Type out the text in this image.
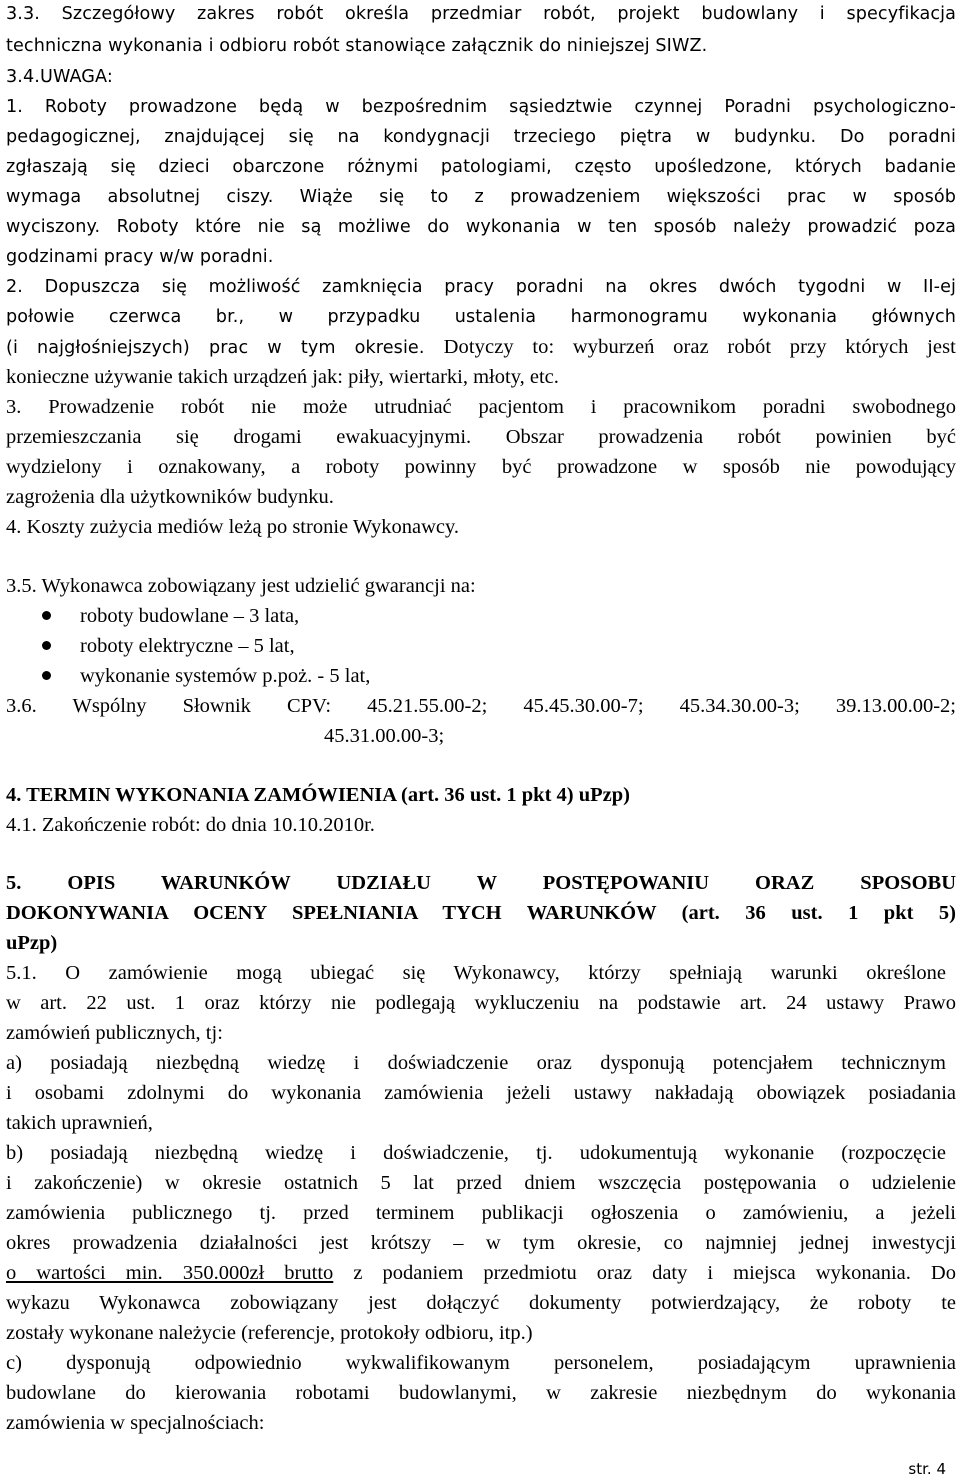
3.3. Szczegółowy zakres robót określa przedmiar robót, projekt budowlany i specyfikacja
techniczna wykonania i odbioru robót stanowiące załącznik do niniejszej SIWZ.
3.4.UWAGA:
1. Roboty prowadzone będą w bezpośrednim sąsiedztwie czynnej Poradni psychologiczno-
pedagogicznej, znajdującej się na kondygnacji trzeciego piętra w budynku. Do poradni
zgłaszają się dzieci obarczone różnymi patologiami, często upośledzone, których badanie
wymaga absolutnej ciszy. Wiąże się to z prowadzeniem większości prac w sposób
wyciszony. Roboty które nie są możliwe do wykonania w ten sposób należy prowadzić poza
godzinami pracy w/w poradni.
2. Dopuszcza się możliwość zamknięcia pracy poradni na okres dwóch tygodni w II-ej
połowie czerwca br., w przypadku ustalenia harmonogramu wykonania głównych
(i najgłośniejszych) prac w tym okresie. Dotyczy to: wyburzeń oraz robót przy których jest
konieczne używanie takich urządzeń jak: piły, wiertarki, młoty, etc.
3. Prowadzenie robót nie może utrudniać pacjentom i pracownikom poradni swobodnego
przemieszczania się drogami ewakuacyjnymi. Obszar prowadzenia robót powinien być
wydzielony i oznakowany, a roboty powinny być prowadzone w sposób nie powodujący
zagrożenia dla użytkowników budynku.
4. Koszty zużycia mediów leżą po stronie Wykonawcy.
3.5. Wykonawca zobowiązany jest udzielić gwarancji na:
roboty budowlane – 3 lata,
roboty elektryczne – 5 lat,
wykonanie systemów p.poż. - 5 lat,
3.6. Wspólny Słownik CPV: 45.21.55.00-2; 45.45.30.00-7; 45.34.30.00-3; 39.13.00.00-2;
45.31.00.00-3;
4. TERMIN WYKONANIA ZAMÓWIENIA (art. 36 ust. 1 pkt 4) uPzp)
4.1. Zakończenie robót: do dnia 10.10.2010r.
5. OPIS WARUNKÓW UDZIAŁU W POSTĘPOWANIU ORAZ SPOSOBU
DOKONYWANIA OCENY SPEŁNIANIA TYCH WARUNKÓW (art. 36 ust. 1 pkt 5)
uPzp)
5.1. O zamówienie mogą ubiegać się Wykonawcy, którzy spełniają warunki określone
w art. 22 ust. 1 oraz którzy nie podlegają wykluczeniu na podstawie art. 24 ustawy Prawo
zamówień publicznych, tj:
a) posiadają niezbędną wiedzę i doświadczenie oraz dysponują potencjałem technicznym
i osobami zdolnymi do wykonania zamówienia jeżeli ustawy nakładają obowiązek posiadania
takich uprawnień,
b) posiadają niezbędną wiedzę i doświadczenie, tj. udokumentują wykonanie (rozpoczęcie
i zakończenie) w okresie ostatnich 5 lat przed dniem wszczęcia postępowania o udzielenie
zamówienia publicznego tj. przed terminem publikacji ogłoszenia o zamówieniu, a jeżeli
okres prowadzenia działalności jest krótszy – w tym okresie, co najmniej jednej inwestycji
o wartości min. 350.000zł brutto z podaniem przedmiotu oraz daty i miejsca wykonania. Do
wykazu Wykonawca zobowiązany jest dołączyć dokumenty potwierdzający, że roboty te
zostały wykonane należycie (referencje, protokoły odbioru, itp.)
c) dysponują odpowiednio wykwalifikowanym personelem, posiadającym uprawnienia
budowlane do kierowania robotami budowlanymi, w zakresie niezbędnym do wykonania
zamówienia w specjalnościach:
str. 4
